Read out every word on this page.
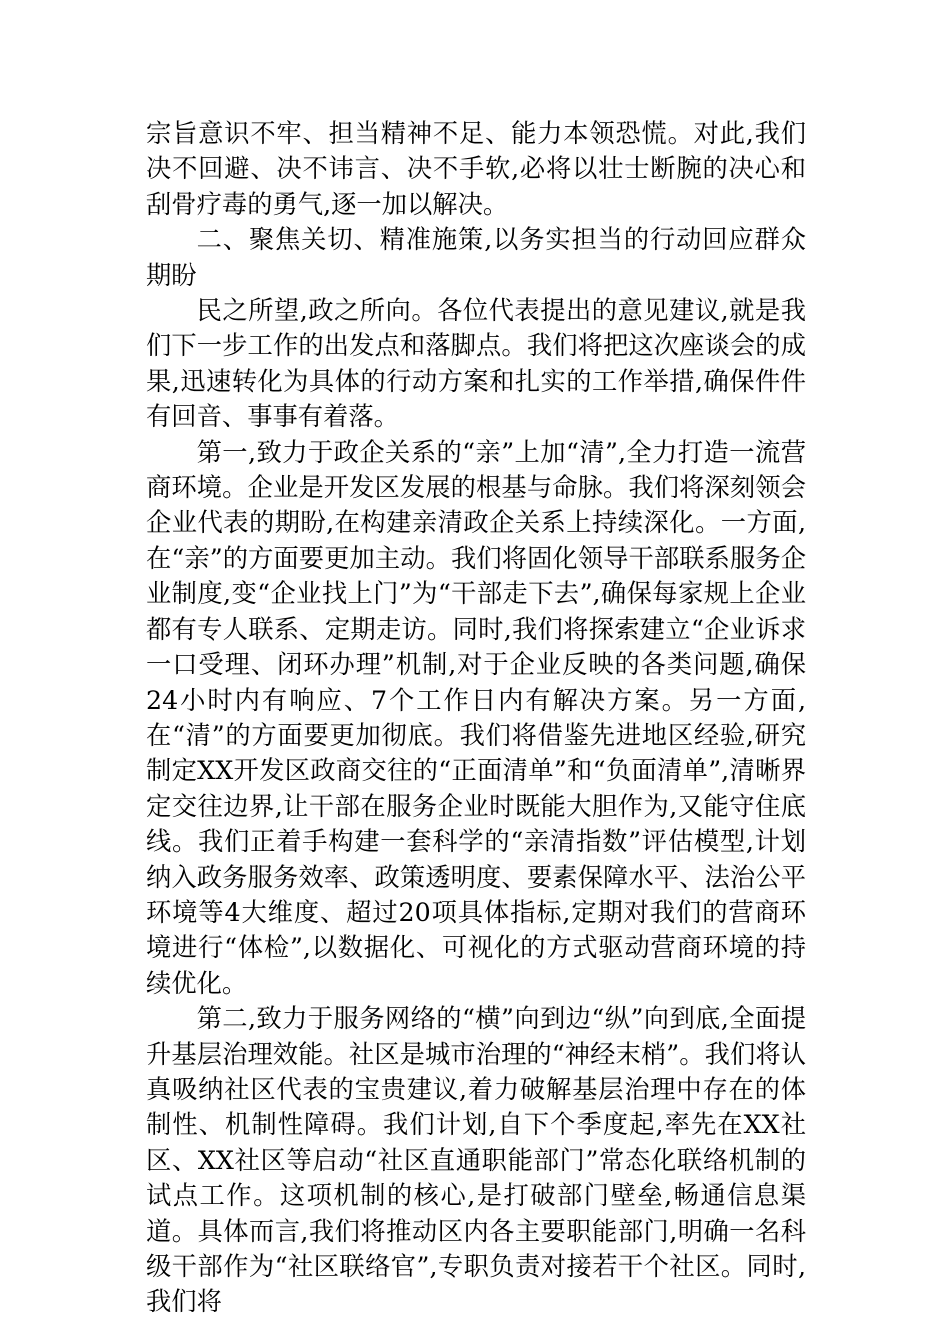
宗旨意识不牢、担当精神不足、能力本领恐慌。对此,我们决不回避、决不讳言、决不手软,必将以壮士断腕的决心和刮骨疗毒的勇气,逐一加以解决。

二、聚焦关切、精准施策,以务实担当的行动回应群众期盼

民之所望,政之所向。各位代表提出的意见建议,就是我们下一步工作的出发点和落脚点。我们将把这次座谈会的成果,迅速转化为具体的行动方案和扎实的工作举措,确保件件有回音、事事有着落。

第一,致力于政企关系的“亲”上加“清”,全力打造一流营商环境。企业是开发区发展的根基与命脉。我们将深刻领会企业代表的期盼,在构建亲清政企关系上持续深化。一方面,在“亲”的方面要更加主动。我们将固化领导干部联系服务企业制度,变“企业找上门”为“干部走下去”,确保每家规上企业都有专人联系、定期走访。同时,我们将探索建立“企业诉求一口受理、闭环办理”机制,对于企业反映的各类问题,确保24小时内有响应、7个工作日内有解决方案。另一方面,在“清”的方面要更加彻底。我们将借鉴先进地区经验,研究制定XX开发区政商交往的“正面清单”和“负面清单”,清晰界定交往边界,让干部在服务企业时既能大胆作为,又能守住底线。我们正着手构建一套科学的“亲清指数”评估模型,计划纳入政务服务效率、政策透明度、要素保障水平、法治公平环境等4大维度、超过20项具体指标,定期对我们的营商环境进行“体检”,以数据化、可视化的方式驱动营商环境的持续优化。

第二,致力于服务网络的“横”向到边“纵”向到底,全面提升基层治理效能。社区是城市治理的“神经末梢”。我们将认真吸纳社区代表的宝贵建议,着力破解基层治理中存在的体制性、机制性障碍。我们计划,自下个季度起,率先在XX社区、XX社区等启动“社区直通职能部门”常态化联络机制的试点工作。这项机制的核心,是打破部门壁垒,畅通信息渠道。具体而言,我们将推动区内各主要职能部门,明确一名科级干部作为“社区联络官”,专职负责对接若干个社区。同时,我们将
